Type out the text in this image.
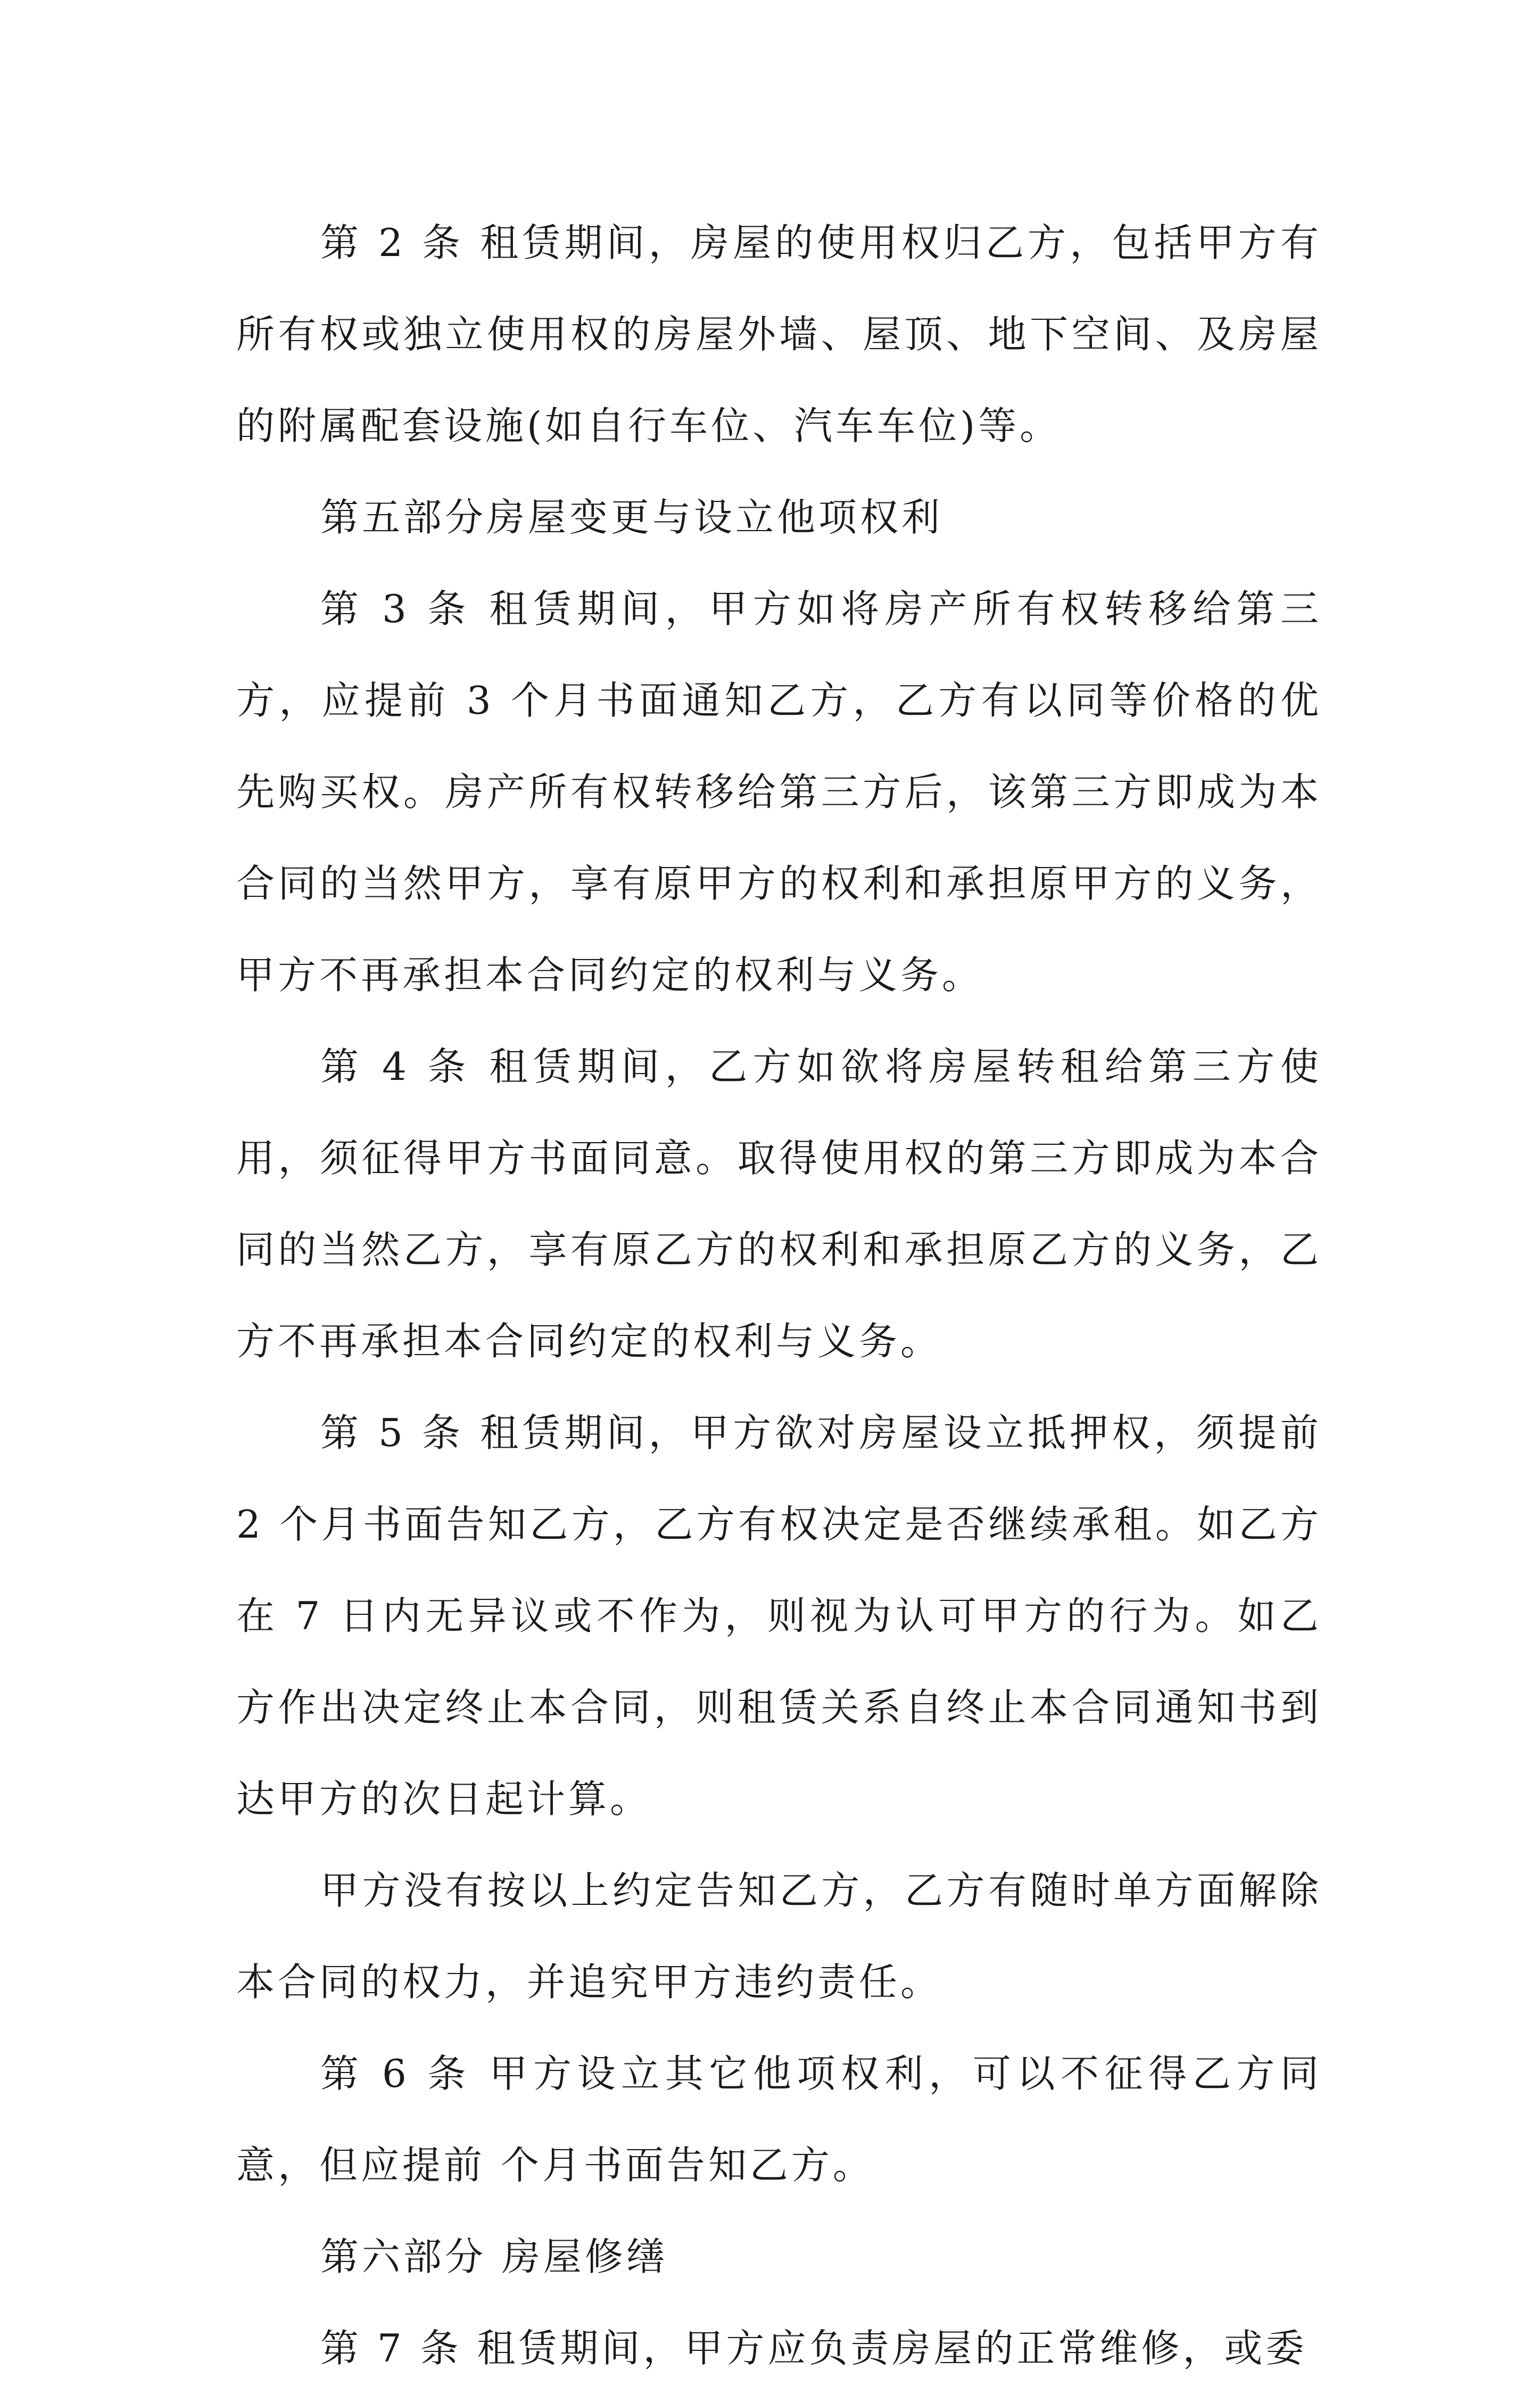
第 2 条 租赁期间，房屋的使用权归乙方，包括甲方有所有权或独立使用权的房屋外墙、屋顶、地下空间、及房屋的附属配套设施(如自行车位、汽车车位)等。

第五部分房屋变更与设立他项权利

第 3 条 租赁期间，甲方如将房产所有权转移给第三方，应提前 3 个月书面通知乙方，乙方有以同等价格的优先购买权。房产所有权转移给第三方后，该第三方即成为本合同的当然甲方，享有原甲方的权利和承担原甲方的义务，甲方不再承担本合同约定的权利与义务。

第 4 条 租赁期间，乙方如欲将房屋转租给第三方使用，须征得甲方书面同意。取得使用权的第三方即成为本合同的当然乙方，享有原乙方的权利和承担原乙方的义务，乙方不再承担本合同约定的权利与义务。

第 5 条 租赁期间，甲方欲对房屋设立抵押权，须提前 2 个月书面告知乙方，乙方有权决定是否继续承租。如乙方在 7 日内无异议或不作为，则视为认可甲方的行为。如乙方作出决定终止本合同，则租赁关系自终止本合同通知书到达甲方的次日起计算。

甲方没有按以上约定告知乙方，乙方有随时单方面解除本合同的权力，并追究甲方违约责任。

第 6 条 甲方设立其它他项权利，可以不征得乙方同意，但应提前 个月书面告知乙方。

第六部分 房屋修缮

第 7 条 租赁期间，甲方应负责房屋的正常维修，或委
